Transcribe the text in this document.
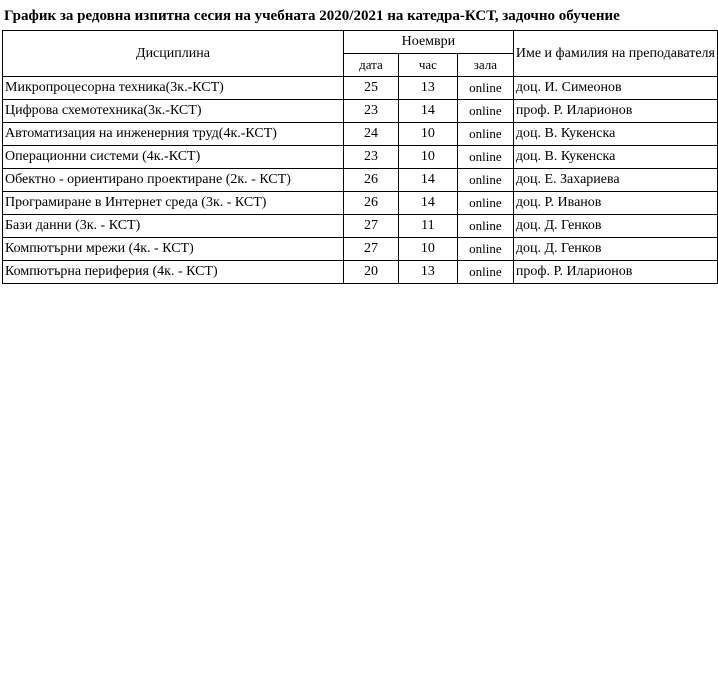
График за редовна изпитна сесия на учебната 2020/2021 на катедра-КСТ, задочно обучение
Дисциплина	Ноември			Име и фамилия на преподавателя
	дата	час	зала	
Микропроцесорна техника(3к.-КСТ)	25	13	online	доц. И. Симеонов
Цифрова схемотехника(3к.-КСТ)	23	14	online	проф. Р. Иларионов
Автоматизация на инженерния труд(4к.-КСТ)	24	10	online	доц. В. Кукенска
Операционни системи (4к.-КСТ)	23	10	online	доц. В. Кукенска
Обектно - ориентирано проектиране (2к. - КСТ)	26	14	online	доц. Е. Захариева
Програмиране в Интернет среда (3к. - КСТ)	26	14	online	доц. Р. Иванов
Бази данни (3к. - КСТ)	27	11	online	доц. Д. Генков
Компютърни мрежи (4к. - КСТ)	27	10	online	доц. Д. Генков
Компютърна периферия (4к. - КСТ)	20	13	online	проф. Р. Иларионов
